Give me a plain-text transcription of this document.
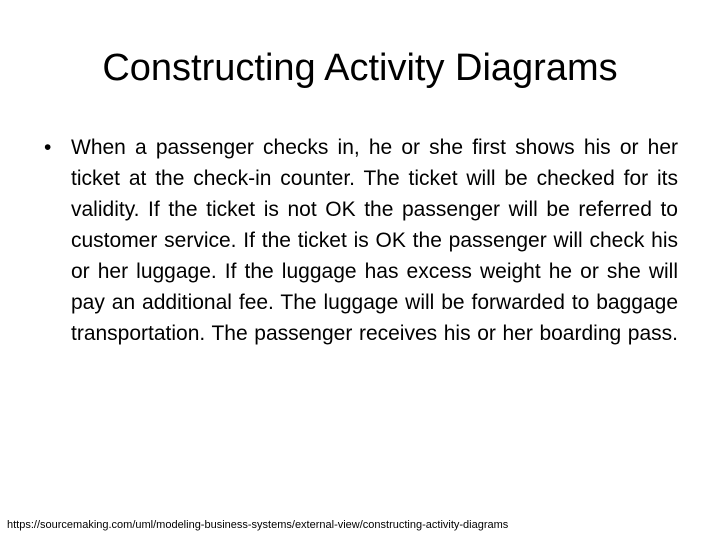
Constructing Activity Diagrams
• When a passenger checks in, he or she first shows his or her ticket at the check-in counter. The ticket will be checked for its validity. If the ticket is not OK the passenger will be referred to customer service. If the ticket is OK the passenger will check his or her luggage. If the luggage has excess weight he or she will pay an additional fee. The luggage will be forwarded to baggage transportation. The passenger receives his or her boarding pass.
https://sourcemaking.com/uml/modeling-business-systems/external-view/constructing-activity-diagrams
